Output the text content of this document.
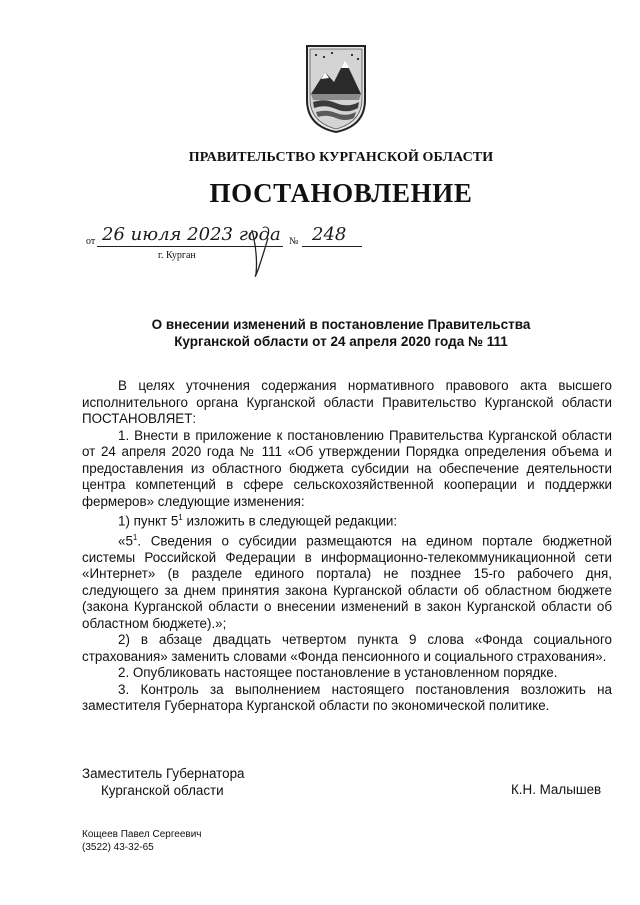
ПРАВИТЕЛЬСТВО КУРГАНСКОЙ ОБЛАСТИ
ПОСТАНОВЛЕНИЕ
от 26 июля 2023 года № 248
г. Курган
О внесении изменений в постановление Правительства
Курганской области от 24 апреля 2020 года № 111

В целях уточнения содержания нормативного правового акта высшего исполнительного органа Курганской области Правительство Курганской области ПОСТАНОВЛЯЕТ:

1. Внести в приложение к постановлению Правительства Курганской области от 24 апреля 2020 года № 111 «Об утверждении Порядка определения объема и предоставления из областного бюджета субсидии на обеспечение деятельности центра компетенций в сфере сельскохозяйственной кооперации и поддержки фермеров» следующие изменения:

1) пункт $5^1$ изложить в следующей редакции:

«$5^1$. Сведения о субсидии размещаются на едином портале бюджетной системы Российской Федерации в информационно-телекоммуникационной сети «Интернет» (в разделе единого портала) не позднее 15-го рабочего дня, следующего за днем принятия закона Курганской области об областном бюджете (закона Курганской области о внесении изменений в закон Курганской области об областном бюджете).»;

2) в абзаце двадцать четвертом пункта 9 слова «Фонда социального страхования» заменить словами «Фонда пенсионного и социального страхования».

2. Опубликовать настоящее постановление в установленном порядке.

3. Контроль за выполнением настоящего постановления возложить на заместителя Губернатора Курганской области по экономической политике.

Заместитель Губернатора
Курганской области	К.Н. Малышев
Кощеев Павел Сергеевич
(3522) 43-32-65
